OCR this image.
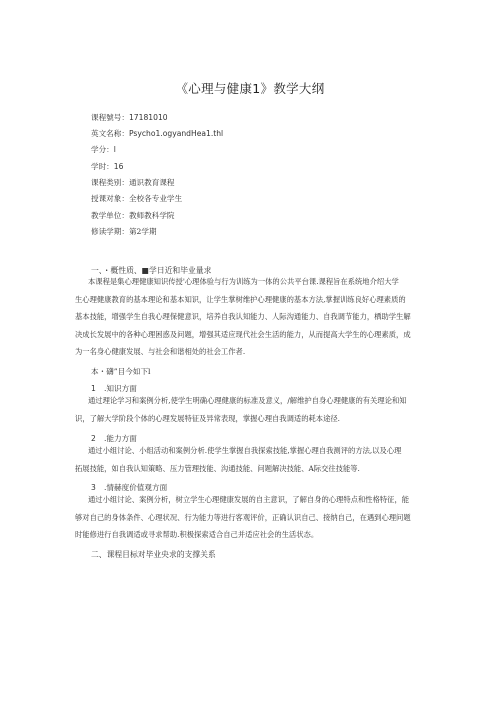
《心理与健康1》教学大纲
课程號号：17181010
英文名称：Psycho1.ogyandHea1.thl
学分：l
学时：16
课程类别：通识教育课程
授课对象：全校各专业学生
教学单位：教师教科学院
修读学期：第2学期
一、・概性质、■学日近和毕业量求

本课程是集心理健康知识传授'心理体验与行为训练为一体的公共平台课.课程旨在系统地介绍大学

生心理健康教育的基本理论和基本知识，让学生掌树维护心理健康的基本方法,掌握训练良好心理素质的

基本技能，增强学生自我心理保健意识，培养自我认知能力、人际沟通能力、自我调节能力，栖助学生解

决成长发展中的各种心理困惑及问题，增强其适应现代社会生活的能力，从而提高大学生的心理素质，成

为一名身心健康发展、与社会和谐相处的社会工作者.

本・礴”目今如下l
1 .知识方面

通过理论学习和案例分析,使学生明确心理健康的标准及意义，/解维护自身心理健康的有关理论和知

识，了解大学阶段个体的心理发展特征及异常表现，掌握心理自我调适的耗本途径.

2 .能力方面

通过小组讨论、小组活动和案例分析.使学生掌握自我探索技能,掌握心理自我测评的方法,以及心理

拓展技能，如自我认知策略、压力管理技能、沟通技能、问题解决技能、A际交往技能等.

3 .情赫度价值观方面

通过小组讨论、案例分析，树立学生心理健康发展的自主意识，了解自身的心理特点和性格特征，能

够对自己的身体条件、心理状况、行为能力等进行客观评价，正确认识自己、接纳自己，在遇到心理问题

时能修进行自我调适或寻求帮助.积极探索适合自己并适应社会的生活状态。

二、课程目标对毕业央求的支撑关系
